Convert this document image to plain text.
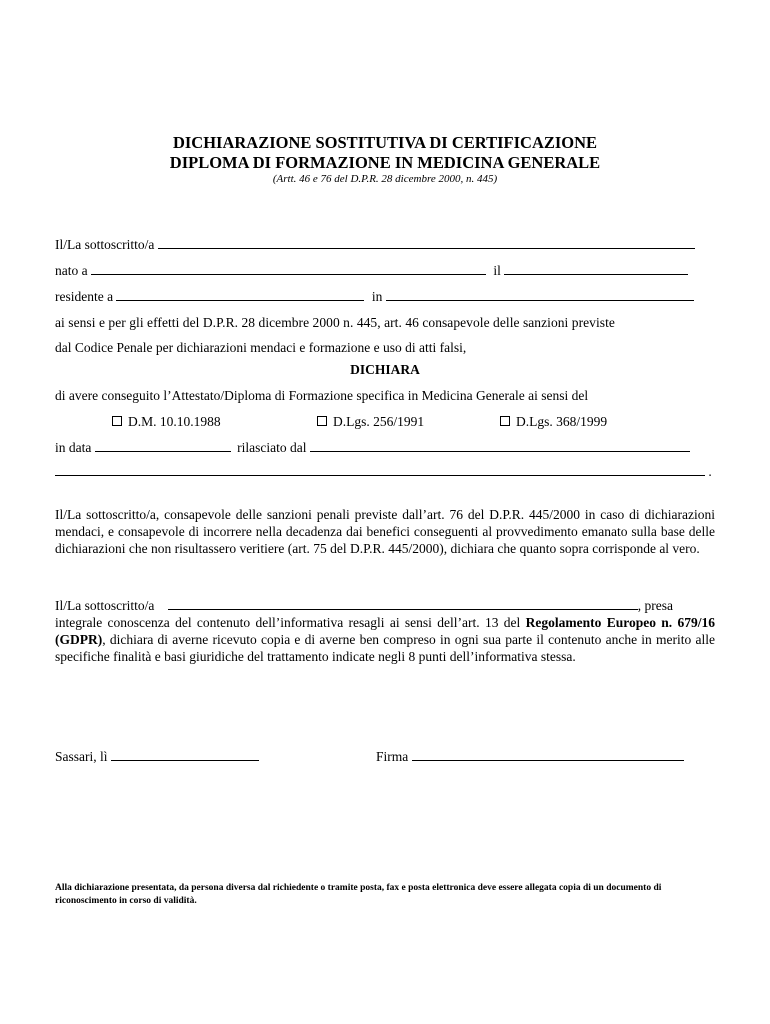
DICHIARAZIONE SOSTITUTIVA DI CERTIFICAZIONE
DIPLOMA DI FORMAZIONE IN MEDICINA GENERALE
(Artt. 46 e 76 del D.P.R. 28 dicembre 2000, n. 445)
Il/La sottoscritto/a
nato a	il
residente a	in
ai sensi e per gli effetti del D.P.R. 28 dicembre 2000 n. 445, art. 46 consapevole delle sanzioni previste
dal Codice Penale per dichiarazioni mendaci e formazione e uso di atti falsi,
DICHIARA
di avere conseguito l’Attestato/Diploma di Formazione specifica in Medicina Generale ai sensi del
D.M. 10.10.1988	D.Lgs. 256/1991	D.Lgs. 368/1999
in data	rilasciato dal
.
Il/La sottoscritto/a, consapevole delle sanzioni penali previste dall’art. 76 del D.P.R. 445/2000 in caso di dichiarazioni mendaci, e consapevole di incorrere nella decadenza dai benefici conseguenti al provvedimento emanato sulla base delle dichiarazioni che non risultassero veritiere (art. 75 del D.P.R. 445/2000), dichiara che quanto sopra corrisponde al vero.
Il/La sottoscritto/a	, presa
integrale conoscenza del contenuto dell’informativa resagli ai sensi dell’art. 13 del Regolamento Europeo n. 679/16 (GDPR), dichiara di averne ricevuto copia e di averne ben compreso in ogni sua parte il contenuto anche in merito alle specifiche finalità e basi giuridiche del trattamento indicate negli 8 punti dell’informativa stessa.
Sassari, lì	Firma
Alla dichiarazione presentata, da persona diversa dal richiedente o tramite posta, fax e posta elettronica deve essere allegata copia di un documento di riconoscimento in corso di validità.
